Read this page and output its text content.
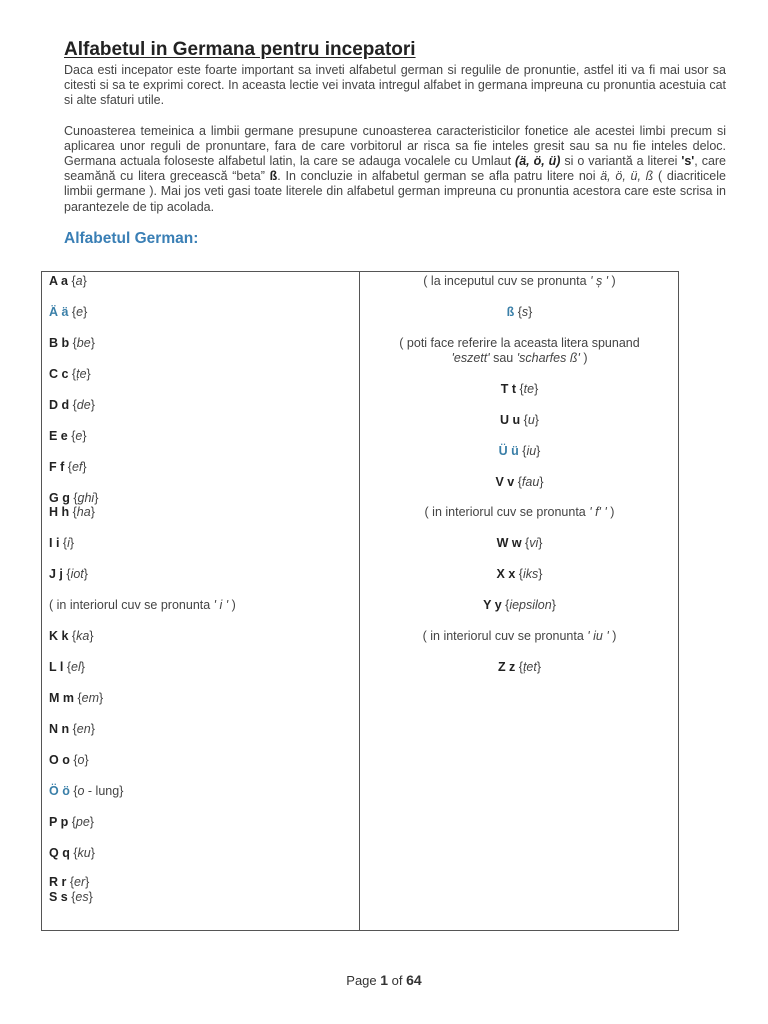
Alfabetul in Germana pentru incepatori

Daca esti incepator este foarte important sa inveti alfabetul german si regulile de pronuntie, astfel iti va fi mai usor sa citesti si sa te exprimi corect. In aceasta lectie vei invata intregul alfabet in germana impreuna cu pronuntia acestuia cat si alte sfaturi utile.

Cunoasterea temeinica a limbii germane presupune cunoasterea caracteristicilor fonetice ale acestei limbi precum si aplicarea unor reguli de pronuntare, fara de care vorbitorul ar risca sa fie inteles gresit sau sa nu fie inteles deloc. Germana actuala foloseste alfabetul latin, la care se adauga vocalele cu Umlaut (ä, ö, ü) si o variantă a literei 's', care seamănă cu litera grecească “beta” ß. In concluzie in alfabetul german se afla patru litere noi ä, ö, ü, ß ( diacriticele limbii germane ). Mai jos veti gasi toate literele din alfabetul german impreuna cu pronuntia acestora care este scrisa in parantezele de tip acolada.

Alfabetul German:
A a {a}
Ä ä {e}
B b {be}
C c {țe}
D d {de}
E e {e}
F f {ef}
G g {ghi}
H h {ha}
I i {i}
J j {iot}
( in interiorul cuv se pronunta ' i ' )
K k {ka}
L l {el}
M m {em}
N n {en}
O o {o}
Ö ö {o - lung}
P p {pe}
Q q {ku}
R r {er}
S s {es}
( la inceputul cuv se pronunta ' ș ' )
ß {s}
( poti face referire la aceasta litera spunand
'eszett' sau 'scharfes ß' )
T t {te}
U u {u}
Ü ü {iu}
V v {fau}
( in interiorul cuv se pronunta ' f' ' )
W w {vi}
X x {iks}
Y y {iepsilon}
( in interiorul cuv se pronunta ' iu ' )
Z z {țet}
Page 1 of 64
